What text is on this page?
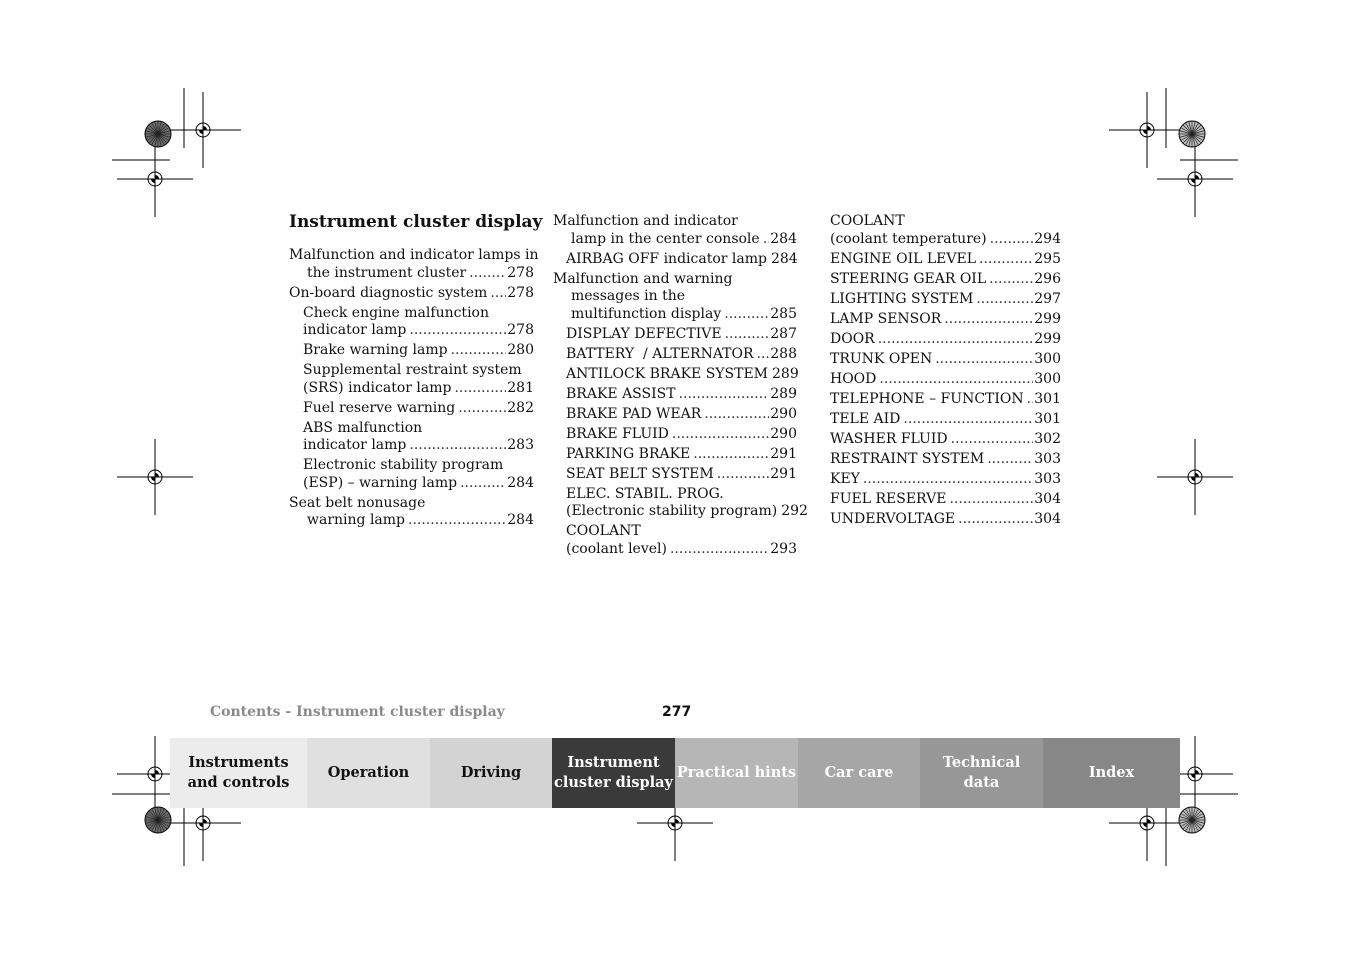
Instrument cluster display
Malfunction and indicator lamps in
the instrument cluster .....	278
On-board diagnostic system ..... 278
Check engine malfunction
indicator lamp .....	278
Brake warning lamp .....	280
Supplemental restraint system
(SRS) indicator lamp .....	281
Fuel reserve warning .....	282
ABS malfunction
indicator lamp .....	283
Electronic stability program
(ESP) – warning lamp .....	284
Seat belt nonusage
warning lamp .....	284
Malfunction and indicator
lamp in the center console ..... 284
AIRBAG OFF indicator lamp ..... 284
Malfunction and warning
messages in the
multifunction display .....	285
DISPLAY DEFECTIVE .....	287
BATTERY  / ALTERNATOR ..... 288
ANTILOCK BRAKE SYSTEM ..... 289
BRAKE ASSIST .....	289
BRAKE PAD WEAR .....	290
BRAKE FLUID .....	290
PARKING BRAKE .....	291
SEAT BELT SYSTEM .....	291
ELEC. STABIL. PROG.
(Electronic stability program) ..... 292
COOLANT
(coolant level) .....	293
COOLANT
(coolant temperature) .....	294
ENGINE OIL LEVEL .....	295
STEERING GEAR OIL .....	296
LIGHTING SYSTEM .....	297
LAMP SENSOR .....	299
DOOR .....	299
TRUNK OPEN .....	300
HOOD .....	300
TELEPHONE – FUNCTION ..... 301
TELE AID .....	301
WASHER FLUID .....	302
RESTRAINT SYSTEM .....	303
KEY .....	303
FUEL RESERVE .....	304
UNDERVOLTAGE .....	304
Contents - Instrument cluster display	277
Instruments
and controls
Operation	Driving
Instrument
cluster display
Practical hints Car care
Technical
data
Index
